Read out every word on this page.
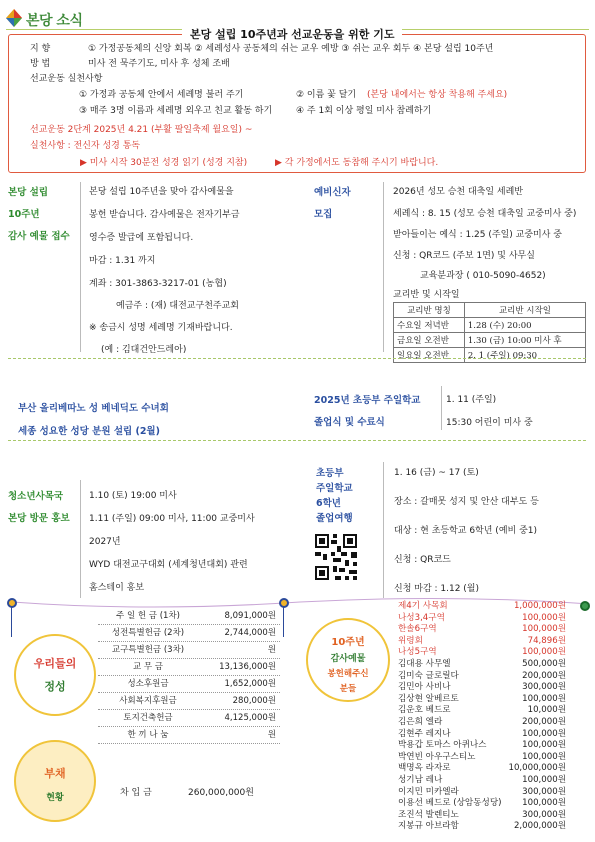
본당 소식
본당 설립 10주년과 선교운동을 위한 기도
지 향	① 가정공동체의 신앙 회복 ② 세례성사 공동체의 쉬는 교우 예방 ③ 쉬는 교우 회두 ④ 본당 설립 10주년
방 법	미사 전 묵주기도, 미사 후 성체 조배
선교운동 실천사항
① 가정과 공동체 안에서 세례명 불러 주기	② 이름 꽃 달기 (본당 내에서는 항상 착용해 주세요)
③ 매주 3명 이름과 세례명 외우고 친교 활동 하기	④ 주 1회 이상 평일 미사 참례하기
선교운동 2단계 2025년 4.21 (부활 팔일축제 월요일) ~
실천사항 : 전신자 성경 통독
▶ 미사 시작 30분전 성경 읽기 (성경 지참)	▶ 각 가정에서도 동참해 주시기 바랍니다.
본당 설립
10주년
감사 예물 접수
본당 설립 10주년을 맞아 감사예물을
봉헌 받습니다. 감사예물은 전자기부금
영수증 발급에 포함됩니다.
마감 : 1.31 까지
계좌 : 301-3863-3217-01 (농협)
예금주 : (재) 대전교구천주교회
※ 송금시 성명 세례명 기재바랍니다.
(예 : 김대건안드레아)
예비신자
모집
2026년 성모 승천 대축일 세례반
세례식 : 8. 15 (성모 승천 대축일 교중미사 중)
받아들이는 예식 : 1.25 (주일) 교중미사 중
신청 : QR코드 (주보 1면) 및 사무실
교육분과장 ( 010-5090-4652)
교리반 및 시작일
교리반 명칭	교리반 시작일
수요일 저녁반	1.28 (수) 20:00
금요일 오전반	1.30 (금) 10:00 미사 후
일요일 오전반	2. 1 (주일) 09:30
부산 올리베따노 성 베네딕도 수녀회
세종 성요한 성당 분원 설립 (2월)
2025년 초등부 주일학교
졸업식 및 수료식
1. 11 (주일)
15:30 어린이 미사 중
청소년사목국
본당 방문 홍보
1.10 (토) 19:00 미사
1.11 (주일) 09:00 미사, 11:00 교중미사
2027년
WYD 대전교구대회 (세계청년대회) 관련
홈스테이 홍보
초등부
주일학교
6학년
졸업여행
1. 16 (금) ~ 17 (토)
장소 : 갈매못 성지 및 안산 대부도 등
대상 : 현 초등학교 6학년 (예비 중1)
신청 : QR코드
신청 마감 : 1.12 (월)
우리들의
정성
주 일 헌 금 (1차)	8,091,000원
성전특별헌금 (2차)	2,744,000원
교구특별헌금 (3차)	원
교 무 금	13,136,000원
성소후원금	1,652,000원
사회복지후원금	280,000원
토지건축헌금	4,125,000원
한 끼 나 눔	원
부채
현황	차 입 금	260,000,000원
10주년
감사예물
봉헌해주신
분들
제4기 사목회	1,000,000원
나성3,4구역	100,000원
한솔6구역	100,000원
위령회	74,896원
나성5구역	100,000원
김대용 사무엘	500,000원
김미숙 글로릴다	200,000원
김민아 사비나	300,000원
김상현 알베르토	100,000원
김운호 베드로	10,000원
김은희 엘라	200,000원
김현주 레지나	100,000원
박용갑 토마스 아퀴나스	100,000원
박연빈 아우구스티노	100,000원
백명옥 라자로	10,000,000원
성기남 레나	100,000원
이지민 미카엘라	300,000원
이용선 베드로 (상암동성당) 100,000원
조진석 발렌티노	300,000원
지봉규 아브라함	2,000,000원
